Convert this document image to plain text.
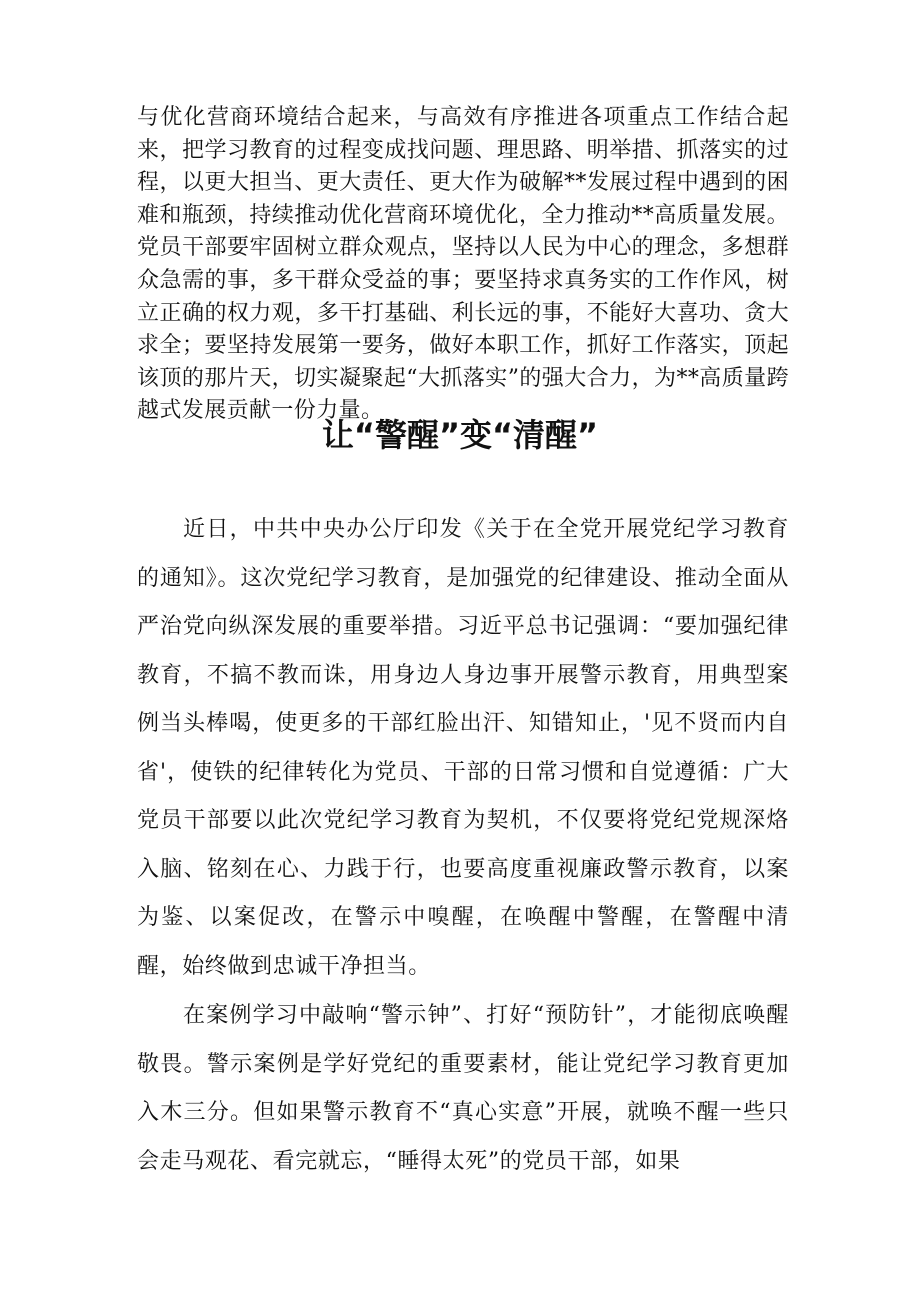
与优化营商环境结合起来，与高效有序推进各项重点工作结合起来，把学习教育的过程变成找问题、理思路、明举措、抓落实的过程，以更大担当、更大责任、更大作为破解**发展过程中遇到的困难和瓶颈，持续推动优化营商环境优化，全力推动**高质量发展。党员干部要牢固树立群众观点，坚持以人民为中心的理念，多想群众急需的事，多干群众受益的事；要坚持求真务实的工作作风，树立正确的权力观，多干打基础、利长远的事，不能好大喜功、贪大求全；要坚持发展第一要务，做好本职工作，抓好工作落实，顶起该顶的那片天，切实凝聚起“大抓落实”的强大合力，为**高质量跨越式发展贡献一份力量。

让“警醒”变“清醒”

近日，中共中央办公厅印发《关于在全党开展党纪学习教育的通知》。这次党纪学习教育，是加强党的纪律建设、推动全面从严治党向纵深发展的重要举措。习近平总书记强调：“要加强纪律教育，不搞不教而诛，用身边人身边事开展警示教育，用典型案例当头棒喝，使更多的干部红脸出汗、知错知止，'见不贤而内自省'，使铁的纪律转化为党员、干部的日常习惯和自觉遵循：广大党员干部要以此次党纪学习教育为契机，不仅要将党纪党规深烙入脑、铭刻在心、力践于行，也要高度重视廉政警示教育，以案为鉴、以案促改，在警示中嗅醒，在唤醒中警醒，在警醒中清醒，始终做到忠诚干净担当。

在案例学习中敲响“警示钟”、打好“预防针”，才能彻底唤醒敬畏。警示案例是学好党纪的重要素材，能让党纪学习教育更加入木三分。但如果警示教育不“真心实意”开展，就唤不醒一些只会走马观花、看完就忘，“睡得太死”的党员干部，如果
